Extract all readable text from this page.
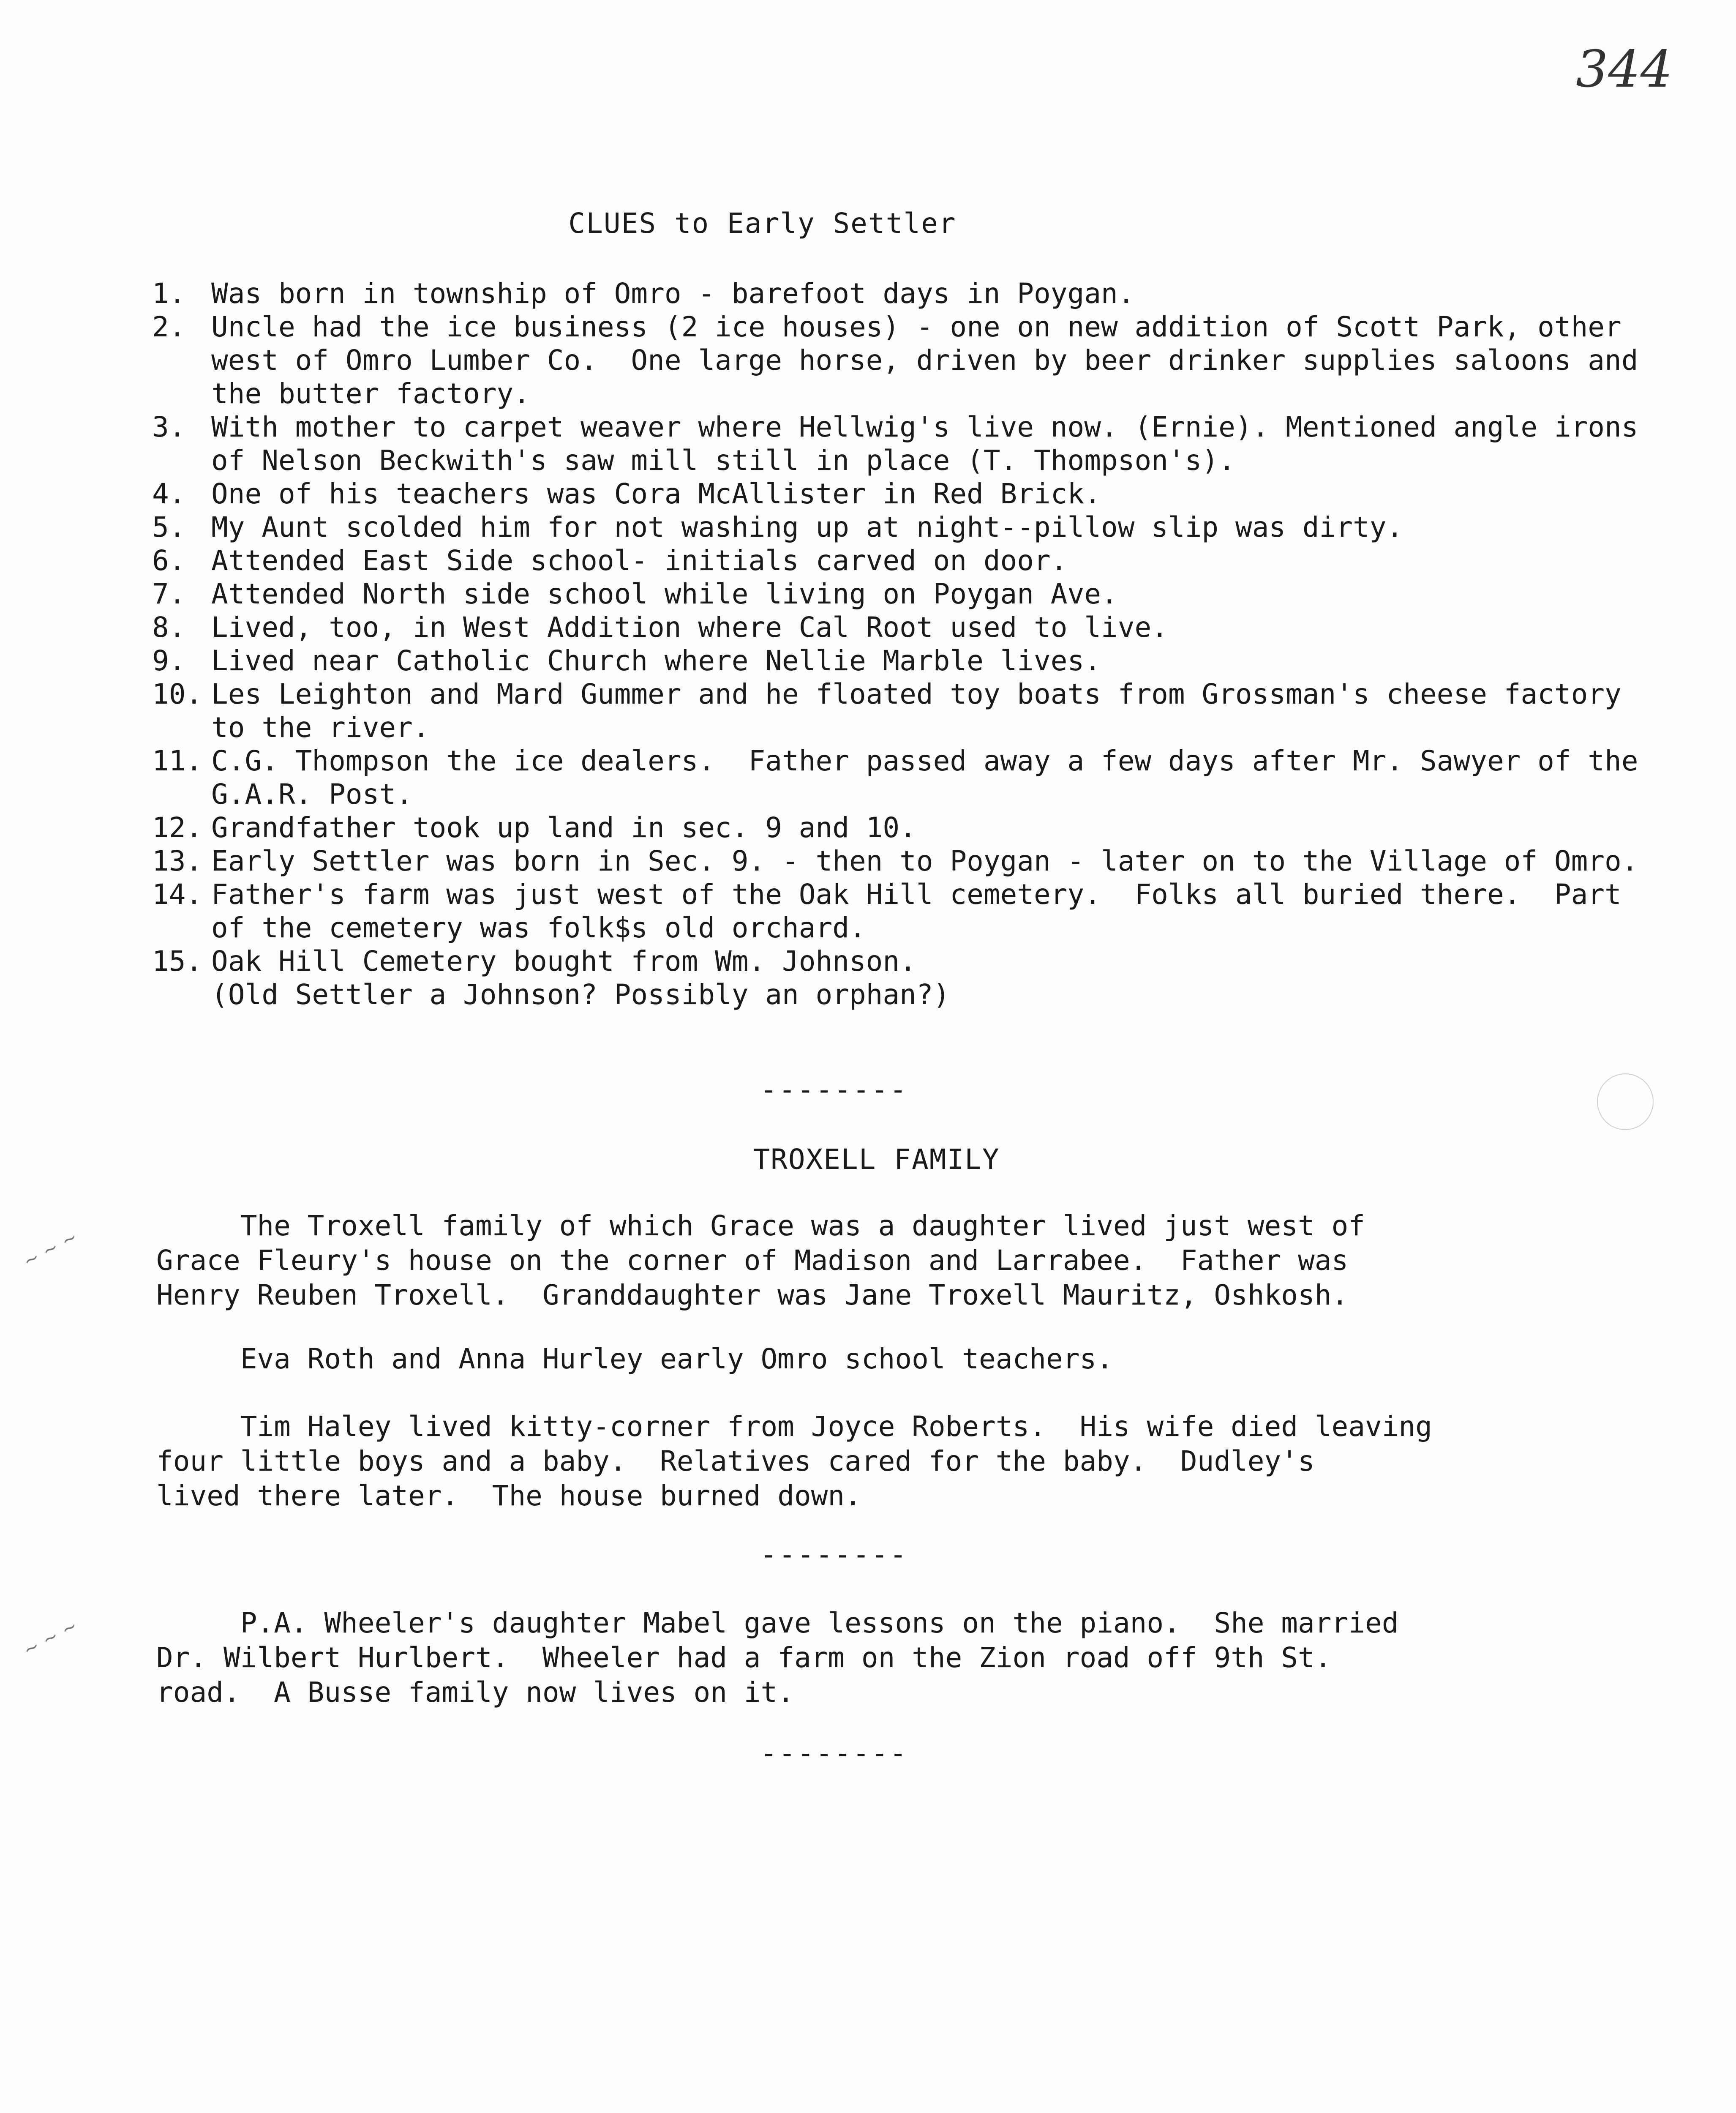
344
CLUES to Early Settler
1. Was born in township of Omro - barefoot days in Poygan.
2. Uncle had the ice business (2 ice houses) - one on new addition of Scott Park, other west of Omro Lumber Co.  One large horse, driven by beer drinker supplies saloons and the butter factory.
3. With mother to carpet weaver where Hellwig's live now. (Ernie). Mentioned angle irons of Nelson Beckwith's saw mill still in place (T. Thompson's).
4. One of his teachers was Cora McAllister in Red Brick.
5. My Aunt scolded him for not washing up at night--pillow slip was dirty.
6. Attended East Side school- initials carved on door.
7. Attended North side school while living on Poygan Ave.
8. Lived, too, in West Addition where Cal Root used to live.
9. Lived near Catholic Church where Nellie Marble lives.
10. Les Leighton and Mard Gummer and he floated toy boats from Grossman's cheese factory to the river.
11. C.G. Thompson the ice dealers.  Father passed away a few days after Mr. Sawyer of the G.A.R. Post.
12. Grandfather took up land in sec. 9 and 10.
13. Early Settler was born in Sec. 9. - then to Poygan - later on to the Village of Omro.
14. Father's farm was just west of the Oak Hill cemetery.  Folks all buried there.  Part of the cemetery was folk$s old orchard.
15. Oak Hill Cemetery bought from Wm. Johnson.
(Old Settler a Johnson? Possibly an orphan?)
--------
TROXELL FAMILY
The Troxell family of which Grace was a daughter lived just west of
Grace Fleury's house on the corner of Madison and Larrabee.  Father was
Henry Reuben Troxell.  Granddaughter was Jane Troxell Mauritz, Oshkosh.
Eva Roth and Anna Hurley early Omro school teachers.
Tim Haley lived kitty-corner from Joyce Roberts.  His wife died leaving
four little boys and a baby.  Relatives cared for the baby.  Dudley's
lived there later.  The house burned down.
--------
P.A. Wheeler's daughter Mabel gave lessons on the piano.  She married
Dr. Wilbert Hurlbert.  Wheeler had a farm on the Zion road off 9th St.
road.  A Busse family now lives on it.
--------
~ ~ ~
~ ~ ~
